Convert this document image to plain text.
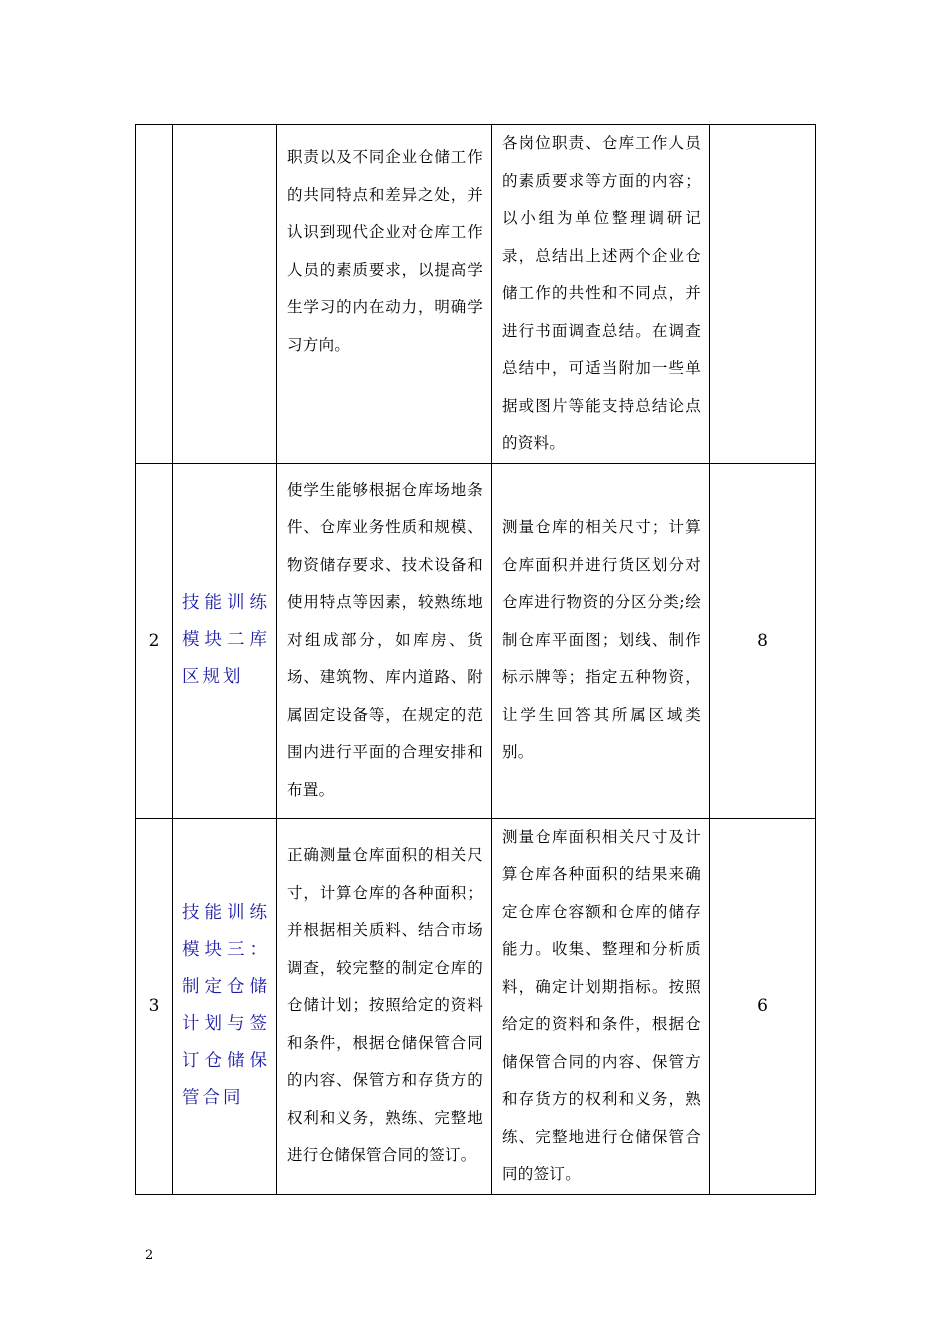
		职责以及不同企业仓储工作的共同特点和差异之处，并认识到现代企业对仓库工作人员的素质要求，以提高学生学习的内在动力，明确学习方向。	各岗位职责、仓库工作人员的素质要求等方面的内容；以小组为单位整理调研记录，总结出上述两个企业仓储工作的共性和不同点，并进行书面调查总结。在调查总结中，可适当附加一些单据或图片等能支持总结论点的资料。	

2	技能训练模块二库区规划	使学生能够根据仓库场地条件、仓库业务性质和规模、物资储存要求、技术设备和使用特点等因素，较熟练地对组成部分，如库房、货场、建筑物、库内道路、附属固定设备等，在规定的范围内进行平面的合理安排和布置。	测量仓库的相关尺寸；计算仓库面积并进行货区划分对仓库进行物资的分区分类;绘制仓库平面图；划线、制作标示牌等；指定五种物资，让学生回答其所属区域类别。	8
3	技能训练模块三：制定仓储计划与签订仓储保管合同	正确测量仓库面积的相关尺寸，计算仓库的各种面积；并根据相关质料、结合市场调查，较完整的制定仓库的仓储计划；按照给定的资料和条件，根据仓储保管合同的内容、保管方和存货方的权利和义务，熟练、完整地进行仓储保管合同的签订。	测量仓库面积相关尺寸及计算仓库各种面积的结果来确定仓库仓容额和仓库的储存能力。收集、整理和分析质料，确定计划期指标。按照给定的资料和条件，根据仓储保管合同的内容、保管方和存货方的权利和义务，熟练、完整地进行仓储保管合同的签订。	6
2
